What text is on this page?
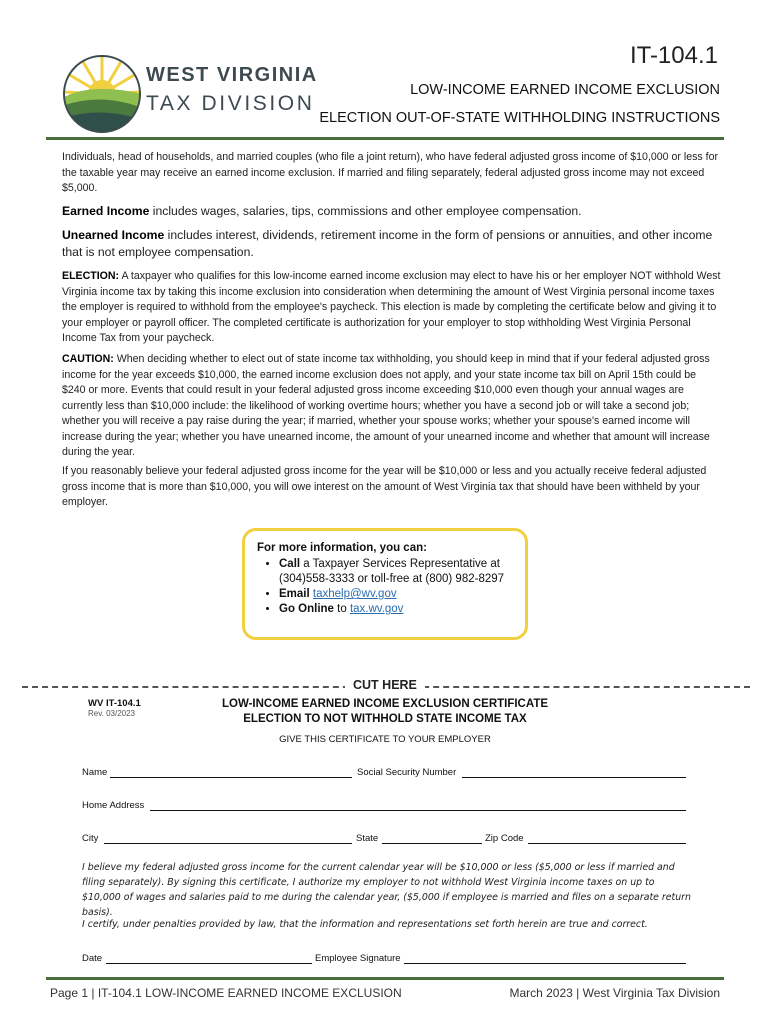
WEST VIRGINIA
TAX DIVISION
IT-104.1
LOW-INCOME EARNED INCOME EXCLUSION
ELECTION OUT-OF-STATE WITHHOLDING INSTRUCTIONS
Individuals, head of households, and married couples (who file a joint return), who have federal adjusted gross income of $10,000 or less for the taxable year may receive an earned income exclusion. If married and filing separately, federal adjusted gross income may not exceed $5,000.
Earned Income includes wages, salaries, tips, commissions and other employee compensation.
Unearned Income includes interest, dividends, retirement income in the form of pensions or annuities, and other income that is not employee compensation.
ELECTION: A taxpayer who qualifies for this low-income earned income exclusion may elect to have his or her employer NOT withhold West Virginia income tax by taking this income exclusion into consideration when determining the amount of West Virginia personal income taxes the employer is required to withhold from the employee's paycheck. This election is made by completing the certificate below and giving it to your employer or payroll officer. The completed certificate is authorization for your employer to stop withholding West Virginia Personal Income Tax from your paycheck.
CAUTION: When deciding whether to elect out of state income tax withholding, you should keep in mind that if your federal adjusted gross income for the year exceeds $10,000, the earned income exclusion does not apply, and your state income tax bill on April 15th could be $240 or more. Events that could result in your federal adjusted gross income exceeding $10,000 even though your annual wages are currently less than $10,000 include: the likelihood of working overtime hours; whether you have a second job or will take a second job; whether you will receive a pay raise during the year; if married, whether your spouse works; whether your spouse's earned income will increase during the year; whether you have unearned income, the amount of your unearned income and whether that amount will increase during the year.
If you reasonably believe your federal adjusted gross income for the year will be $10,000 or less and you actually receive federal adjusted gross income that is more than $10,000, you will owe interest on the amount of West Virginia tax that should have been withheld by your employer.
For more information, you can:
• Call a Taxpayer Services Representative at (304)558-3333 or toll-free at (800) 982-8297
• Email taxhelp@wv.gov
• Go Online to tax.wv.gov
CUT HERE
WV IT-104.1
Rev. 03/2023
LOW-INCOME EARNED INCOME EXCLUSION CERTIFICATE
ELECTION TO NOT WITHHOLD STATE INCOME TAX
GIVE THIS CERTIFICATE TO YOUR EMPLOYER
Name	Social Security Number
Home Address
City	State	Zip Code
I believe my federal adjusted gross income for the current calendar year will be $10,000 or less ($5,000 or less if married and filing separately). By signing this certificate, I authorize my employer to not withhold West Virginia income taxes on up to $10,000 of wages and salaries paid to me during the calendar year, ($5,000 if employee is married and files on a separate return basis).
I certify, under penalties provided by law, that the information and representations set forth herein are true and correct.
Date	Employee Signature
Page 1 | IT-104.1 LOW-INCOME EARNED INCOME EXCLUSION	March 2023 | West Virginia Tax Division
